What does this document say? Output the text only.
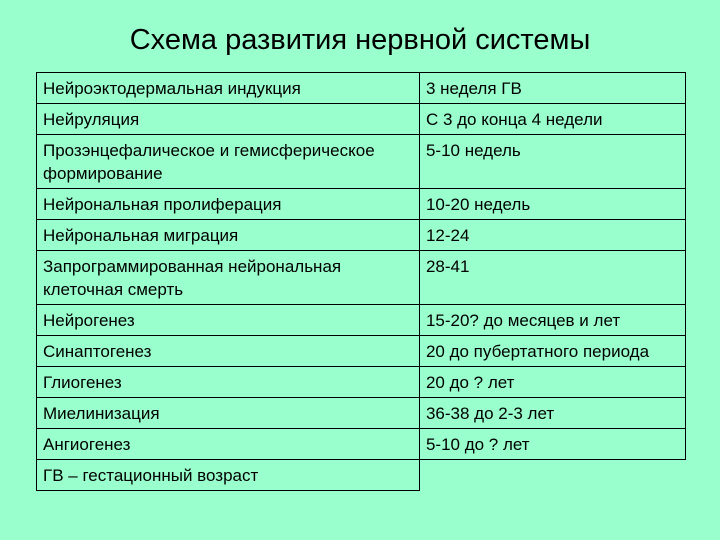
Схема развития нервной системы
Нейроэктодермальная индукция	3 неделя ГВ
Нейруляция	С 3 до конца 4 недели
Прозэнцефалическое и гемисферическое формирование	5-10 недель
Нейрональная пролиферация	10-20 недель
Нейрональная миграция	12-24
Запрограммированная нейрональная клеточная смерть	28-41
Нейрогенез	15-20? до месяцев и лет
Синаптогенез	20 до пубертатного периода
Глиогенез	20 до ? лет
Миелинизация	36-38 до 2-3 лет
Ангиогенез	5-10 до ? лет
ГВ – гестационный возраст	
